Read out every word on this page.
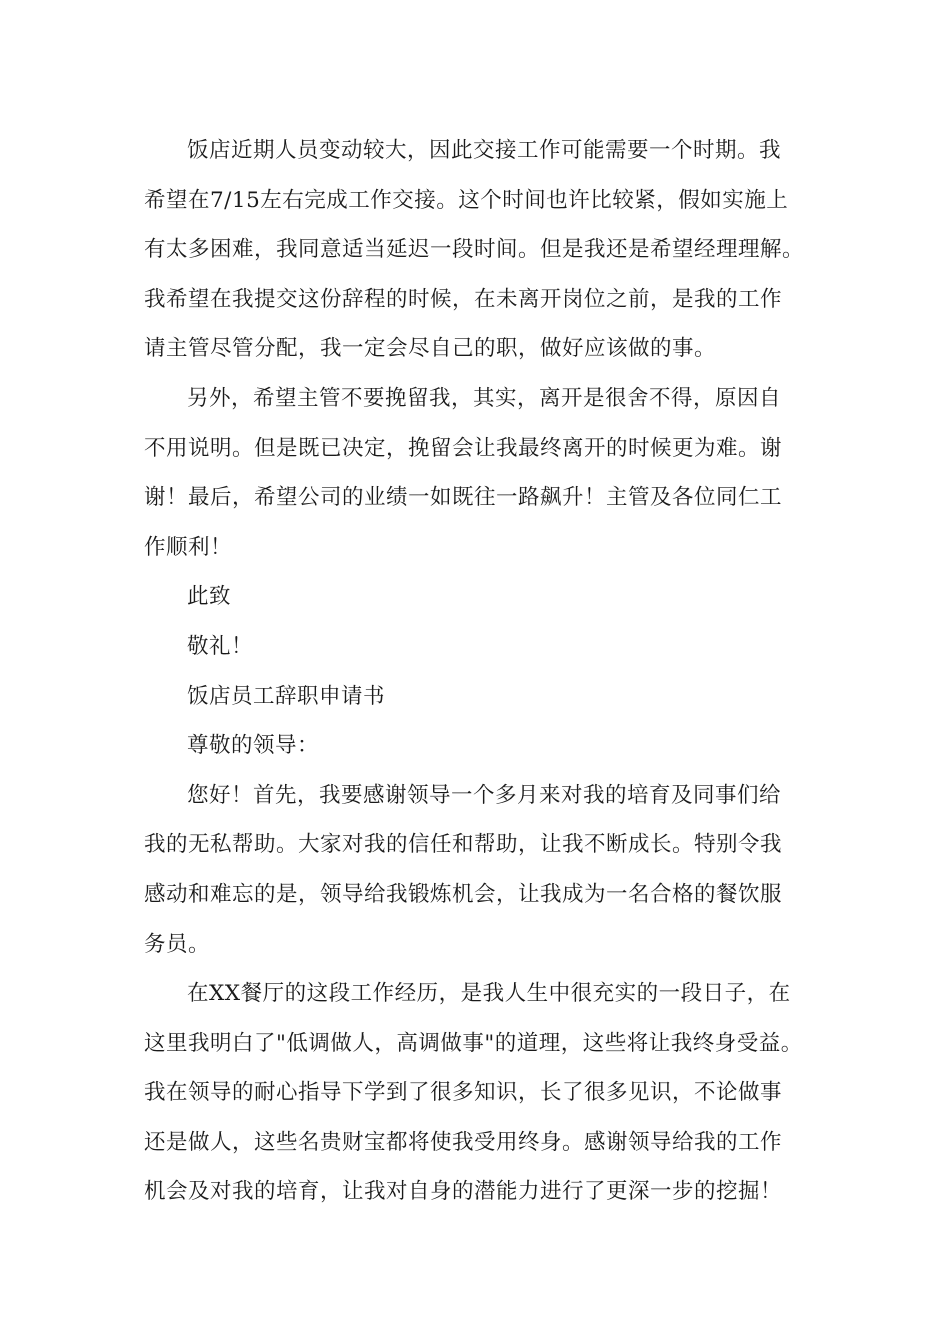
饭店近期人员变动较大，因此交接工作可能需要一个时期。我
希望在7/15左右完成工作交接。这个时间也许比较紧，假如实施上
有太多困难，我同意适当延迟一段时间。但是我还是希望经理理解。
我希望在我提交这份辞程的时候，在未离开岗位之前，是我的工作
请主管尽管分配，我一定会尽自己的职，做好应该做的事。

另外，希望主管不要挽留我，其实，离开是很舍不得，原因自
不用说明。但是既已决定，挽留会让我最终离开的时候更为难。谢
谢！最后，希望公司的业绩一如既往一路飙升！主管及各位同仁工
作顺利！

此致

敬礼！

饭店员工辞职申请书

尊敬的领导：

您好！首先，我要感谢领导一个多月来对我的培育及同事们给
我的无私帮助。大家对我的信任和帮助，让我不断成长。特别令我
感动和难忘的是，领导给我锻炼机会，让我成为一名合格的餐饮服
务员。

在XX餐厅的这段工作经历，是我人生中很充实的一段日子，在
这里我明白了"低调做人，高调做事"的道理，这些将让我终身受益。
我在领导的耐心指导下学到了很多知识，长了很多见识，不论做事
还是做人，这些名贵财宝都将使我受用终身。感谢领导给我的工作
机会及对我的培育，让我对自身的潜能力进行了更深一步的挖掘！
